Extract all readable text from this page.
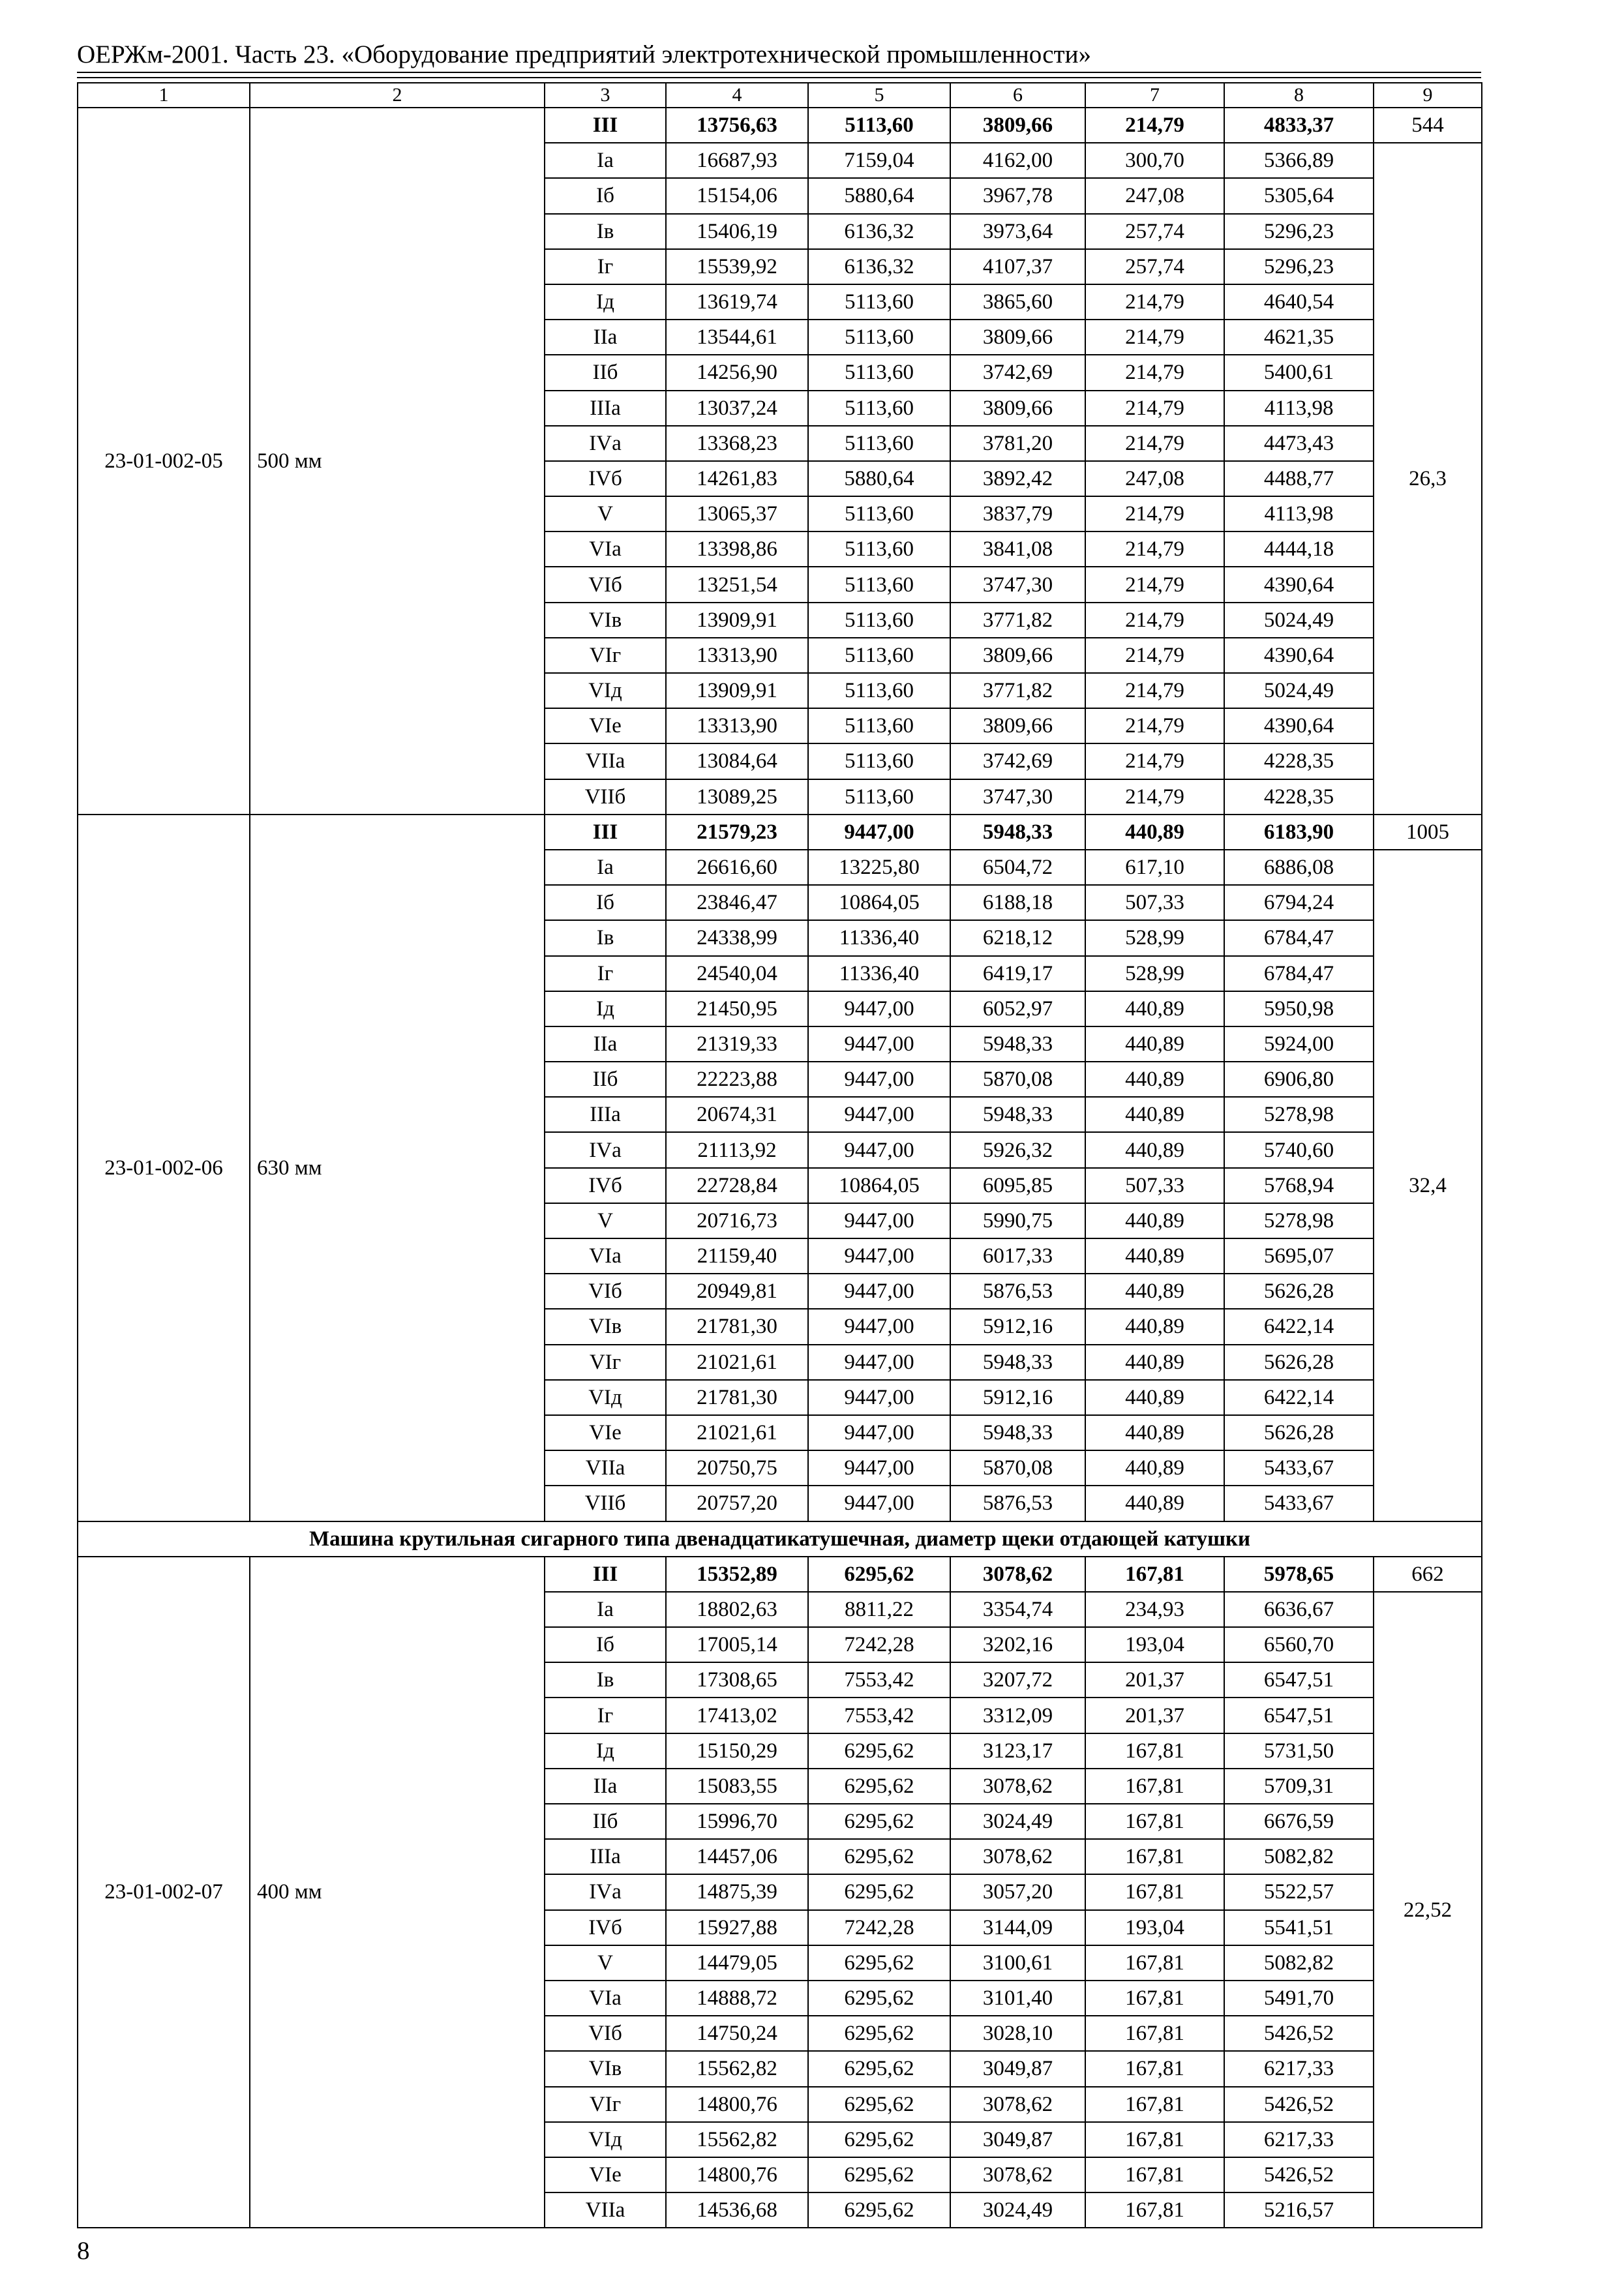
ОЕРЖм-2001. Часть 23. «Оборудование предприятий электротехнической промышленности»
1	2	3	4	5	6	7	8	9
23-01-002-05	500 мм	III	13756,63	5113,60	3809,66	214,79	4833,37	544
		Iа	16687,93	7159,04	4162,00	300,70	5366,89	26,3
		Iб	15154,06	5880,64	3967,78	247,08	5305,64	
		Iв	15406,19	6136,32	3973,64	257,74	5296,23	
		Iг	15539,92	6136,32	4107,37	257,74	5296,23	
		Iд	13619,74	5113,60	3865,60	214,79	4640,54	
		IIа	13544,61	5113,60	3809,66	214,79	4621,35	
		IIб	14256,90	5113,60	3742,69	214,79	5400,61	
		IIIа	13037,24	5113,60	3809,66	214,79	4113,98	
		IVа	13368,23	5113,60	3781,20	214,79	4473,43	
		IVб	14261,83	5880,64	3892,42	247,08	4488,77	
		V	13065,37	5113,60	3837,79	214,79	4113,98	
		VIа	13398,86	5113,60	3841,08	214,79	4444,18	
		VIб	13251,54	5113,60	3747,30	214,79	4390,64	
		VIв	13909,91	5113,60	3771,82	214,79	5024,49	
		VIг	13313,90	5113,60	3809,66	214,79	4390,64	
		VIд	13909,91	5113,60	3771,82	214,79	5024,49	
		VIе	13313,90	5113,60	3809,66	214,79	4390,64	
		VIIа	13084,64	5113,60	3742,69	214,79	4228,35	
		VIIб	13089,25	5113,60	3747,30	214,79	4228,35	
23-01-002-06	630 мм	III	21579,23	9447,00	5948,33	440,89	6183,90	1005
		Iа	26616,60	13225,80	6504,72	617,10	6886,08	32,4
		Iб	23846,47	10864,05	6188,18	507,33	6794,24	
		Iв	24338,99	11336,40	6218,12	528,99	6784,47	
		Iг	24540,04	11336,40	6419,17	528,99	6784,47	
		Iд	21450,95	9447,00	6052,97	440,89	5950,98	
		IIа	21319,33	9447,00	5948,33	440,89	5924,00	
		IIб	22223,88	9447,00	5870,08	440,89	6906,80	
		IIIа	20674,31	9447,00	5948,33	440,89	5278,98	
		IVа	21113,92	9447,00	5926,32	440,89	5740,60	
		IVб	22728,84	10864,05	6095,85	507,33	5768,94	
		V	20716,73	9447,00	5990,75	440,89	5278,98	
		VIа	21159,40	9447,00	6017,33	440,89	5695,07	
		VIб	20949,81	9447,00	5876,53	440,89	5626,28	
		VIв	21781,30	9447,00	5912,16	440,89	6422,14	
		VIг	21021,61	9447,00	5948,33	440,89	5626,28	
		VIд	21781,30	9447,00	5912,16	440,89	6422,14	
		VIе	21021,61	9447,00	5948,33	440,89	5626,28	
		VIIа	20750,75	9447,00	5870,08	440,89	5433,67	
		VIIб	20757,20	9447,00	5876,53	440,89	5433,67	
Машина крутильная сигарного типа двенадцатикатушечная, диаметр щеки отдающей катушки								
23-01-002-07	400 мм	III	15352,89	6295,62	3078,62	167,81	5978,65	662
		Iа	18802,63	8811,22	3354,74	234,93	6636,67	22,52
		Iб	17005,14	7242,28	3202,16	193,04	6560,70	
		Iв	17308,65	7553,42	3207,72	201,37	6547,51	
		Iг	17413,02	7553,42	3312,09	201,37	6547,51	
		Iд	15150,29	6295,62	3123,17	167,81	5731,50	
		IIа	15083,55	6295,62	3078,62	167,81	5709,31	
		IIб	15996,70	6295,62	3024,49	167,81	6676,59	
		IIIа	14457,06	6295,62	3078,62	167,81	5082,82	
		IVа	14875,39	6295,62	3057,20	167,81	5522,57	
		IVб	15927,88	7242,28	3144,09	193,04	5541,51	
		V	14479,05	6295,62	3100,61	167,81	5082,82	
		VIа	14888,72	6295,62	3101,40	167,81	5491,70	
		VIб	14750,24	6295,62	3028,10	167,81	5426,52	
		VIв	15562,82	6295,62	3049,87	167,81	6217,33	
		VIг	14800,76	6295,62	3078,62	167,81	5426,52	
		VIд	15562,82	6295,62	3049,87	167,81	6217,33	
		VIе	14800,76	6295,62	3078,62	167,81	5426,52	
		VIIа	14536,68	6295,62	3024,49	167,81	5216,57	
8
